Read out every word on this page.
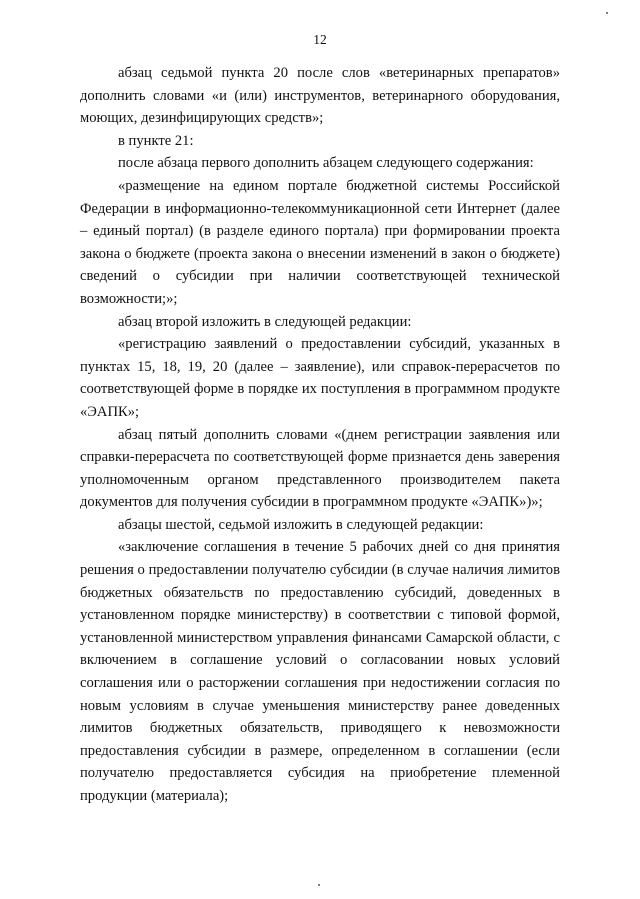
12

абзац седьмой пункта 20 после слов «ветеринарных препаратов» дополнить словами «и (или) инструментов, ветеринарного оборудования, моющих, дезинфицирующих средств»;

в пункте 21:

после абзаца первого дополнить абзацем следующего содержания:

«размещение на едином портале бюджетной системы Российской Федерации в информационно-телекоммуникационной сети Интернет (далее – единый портал) (в разделе единого портала) при формировании проекта закона о бюджете (проекта закона о внесении изменений в закон о бюджете) сведений о субсидии при наличии соответствующей технической возможности;»;

абзац второй изложить в следующей редакции:

«регистрацию заявлений о предоставлении субсидий, указанных в пунктах 15, 18, 19, 20 (далее – заявление), или справок-перерасчетов по соответствующей форме в порядке их поступления в программном продукте «ЭАПК»;

абзац пятый дополнить словами «(днем регистрации заявления или справки-перерасчета по соответствующей форме признается день заверения уполномоченным органом представленного производителем пакета документов для получения субсидии в программном продукте «ЭАПК»)»;

абзацы шестой, седьмой изложить в следующей редакции:

«заключение соглашения в течение 5 рабочих дней со дня принятия решения о предоставлении получателю субсидии (в случае наличия лимитов бюджетных обязательств по предоставлению субсидий, доведенных в установленном порядке министерству) в соответствии с типовой формой, установленной министерством управления финансами Самарской области, с включением в соглашение условий о согласовании новых условий соглашения или о расторжении соглашения при недостижении согласия по новым условиям в случае уменьшения министерству ранее доведенных лимитов бюджетных обязательств, приводящего к невозможности предоставления субсидии в размере, определенном в соглашении (если получателю предоставляется субсидия на приобретение племенной продукции (материала);
